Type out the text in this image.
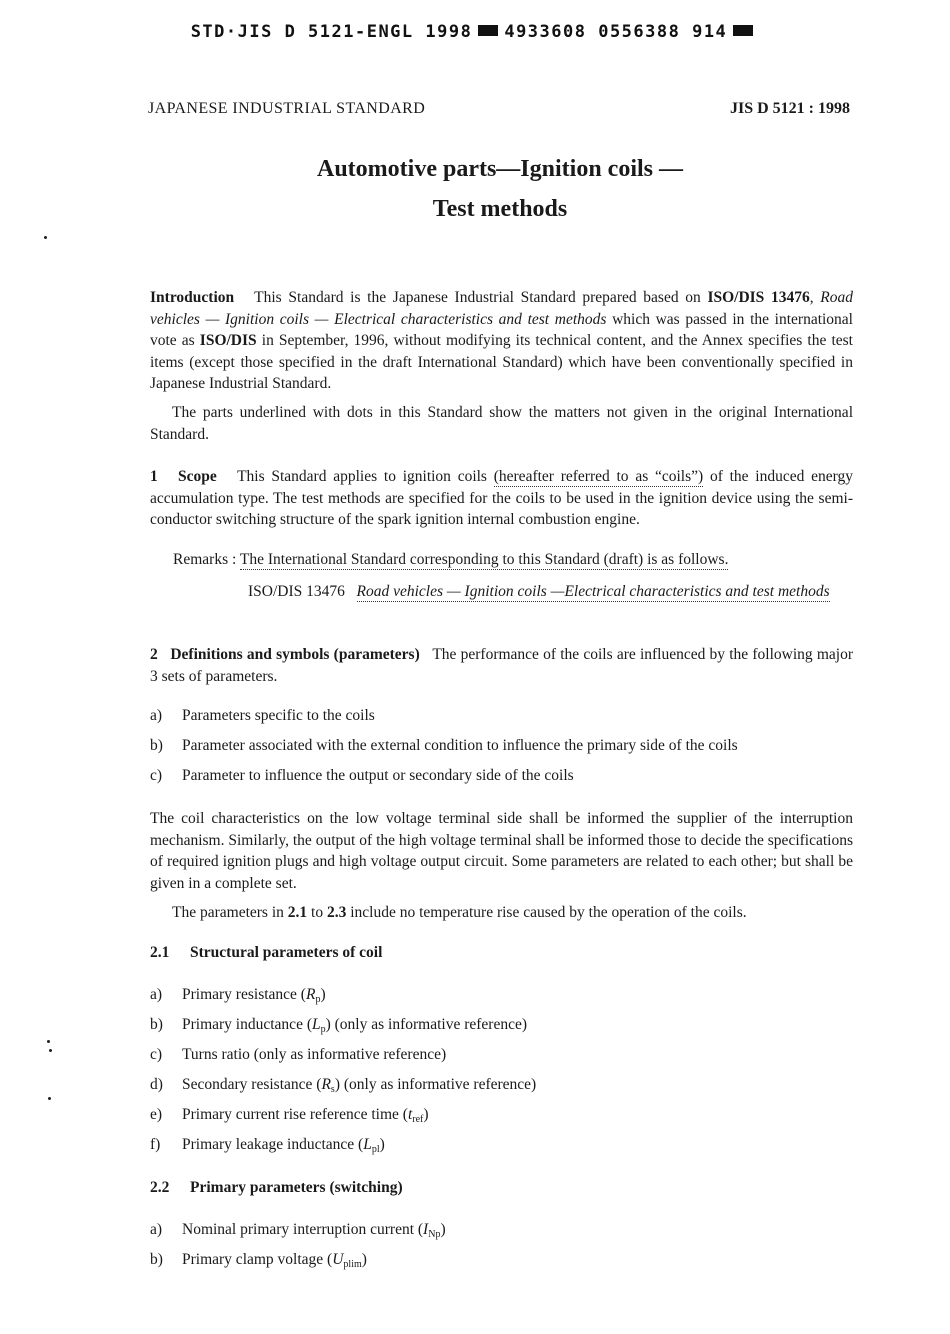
STD·JIS D 5121-ENGL 1998 4933608 0556388 914
JAPANESE INDUSTRIAL STANDARD	JIS D 5121 : 1998
Automotive parts—Ignition coils —
Test methods
Introduction This Standard is the Japanese Industrial Standard prepared based on ISO/DIS 13476, Road vehicles — Ignition coils — Electrical characteristics and test methods which was passed in the international vote as ISO/DIS in September, 1996, without modifying its technical content, and the Annex specifies the test items (except those specified in the draft International Standard) which have been conventionally specified in Japanese Industrial Standard.
The parts underlined with dots in this Standard show the matters not given in the original International Standard.
1 Scope This Standard applies to ignition coils (hereafter referred to as “coils”) of the induced energy accumulation type. The test methods are specified for the coils to be used in the ignition device using the semi-conductor switching structure of the spark ignition internal combustion engine.
Remarks : The International Standard corresponding to this Standard (draft) is as follows.
ISO/DIS 13476 Road vehicles — Ignition coils —Electrical characteristics and test methods
2 Definitions and symbols (parameters) The performance of the coils are influenced by the following major 3 sets of parameters.
a) Parameters specific to the coils
b) Parameter associated with the external condition to influence the primary side of the coils
c) Parameter to influence the output or secondary side of the coils
The coil characteristics on the low voltage terminal side shall be informed the supplier of the interruption mechanism. Similarly, the output of the high voltage terminal shall be informed those to decide the specifications of required ignition plugs and high voltage output circuit. Some parameters are related to each other; but shall be given in a complete set.
The parameters in 2.1 to 2.3 include no temperature rise caused by the operation of the coils.
2.1 Structural parameters of coil
a) Primary resistance $(R_p)$
b) Primary inductance $(L_p)$ (only as informative reference)
c) Turns ratio (only as informative reference)
d) Secondary resistance $(R_s)$ (only as informative reference)
e) Primary current rise reference time $(t_{ref})$
f) Primary leakage inductance $(L_{pl})$
2.2 Primary parameters (switching)
a) Nominal primary interruption current $(I_{Np})$
b) Primary clamp voltage $(U_{plim})$
